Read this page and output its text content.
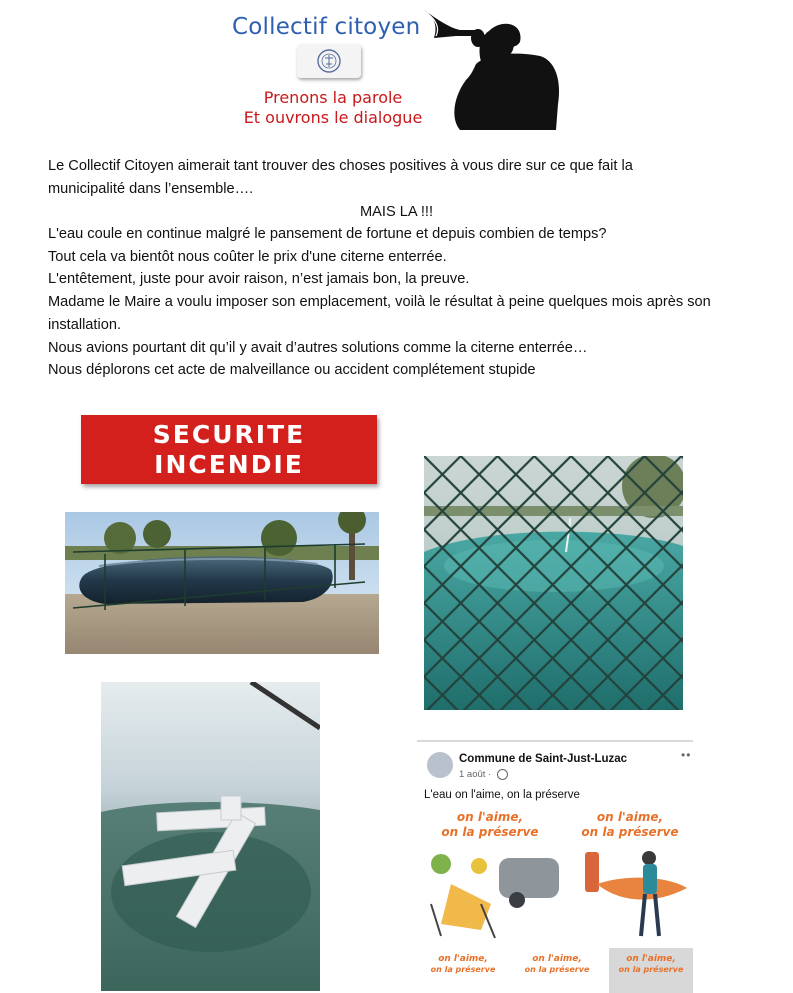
Collectif citoyen
Prenons la parole
Et ouvrons le dialogue
Le Collectif Citoyen aimerait tant trouver des choses positives à vous dire sur ce que fait la
municipalité dans l’ensemble….
MAIS LA !!!
L'eau coule en continue malgré le pansement de fortune et depuis combien de temps?
Tout cela va bientôt nous coûter le prix d'une citerne enterrée.
L'entêtement, juste pour avoir raison, n’est jamais bon, la preuve.
Madame le Maire a voulu imposer son emplacement, voilà le résultat à peine quelques mois après son
installation.
Nous avions pourtant dit qu’il y avait d’autres solutions comme la citerne enterrée…
Nous déplorons cet acte de malveillance ou accident complétement stupide
SECURITE
INCENDIE
Commune de Saint-Just-Luzac
1 août ·
••
L'eau on l'aime, on la préserve
on l'aime,
on la préserve
on l'aime,
on la préserve
on l'aime,
on la préserve
on l'aime,
on la préserve
on l'aime,
on la préserve
